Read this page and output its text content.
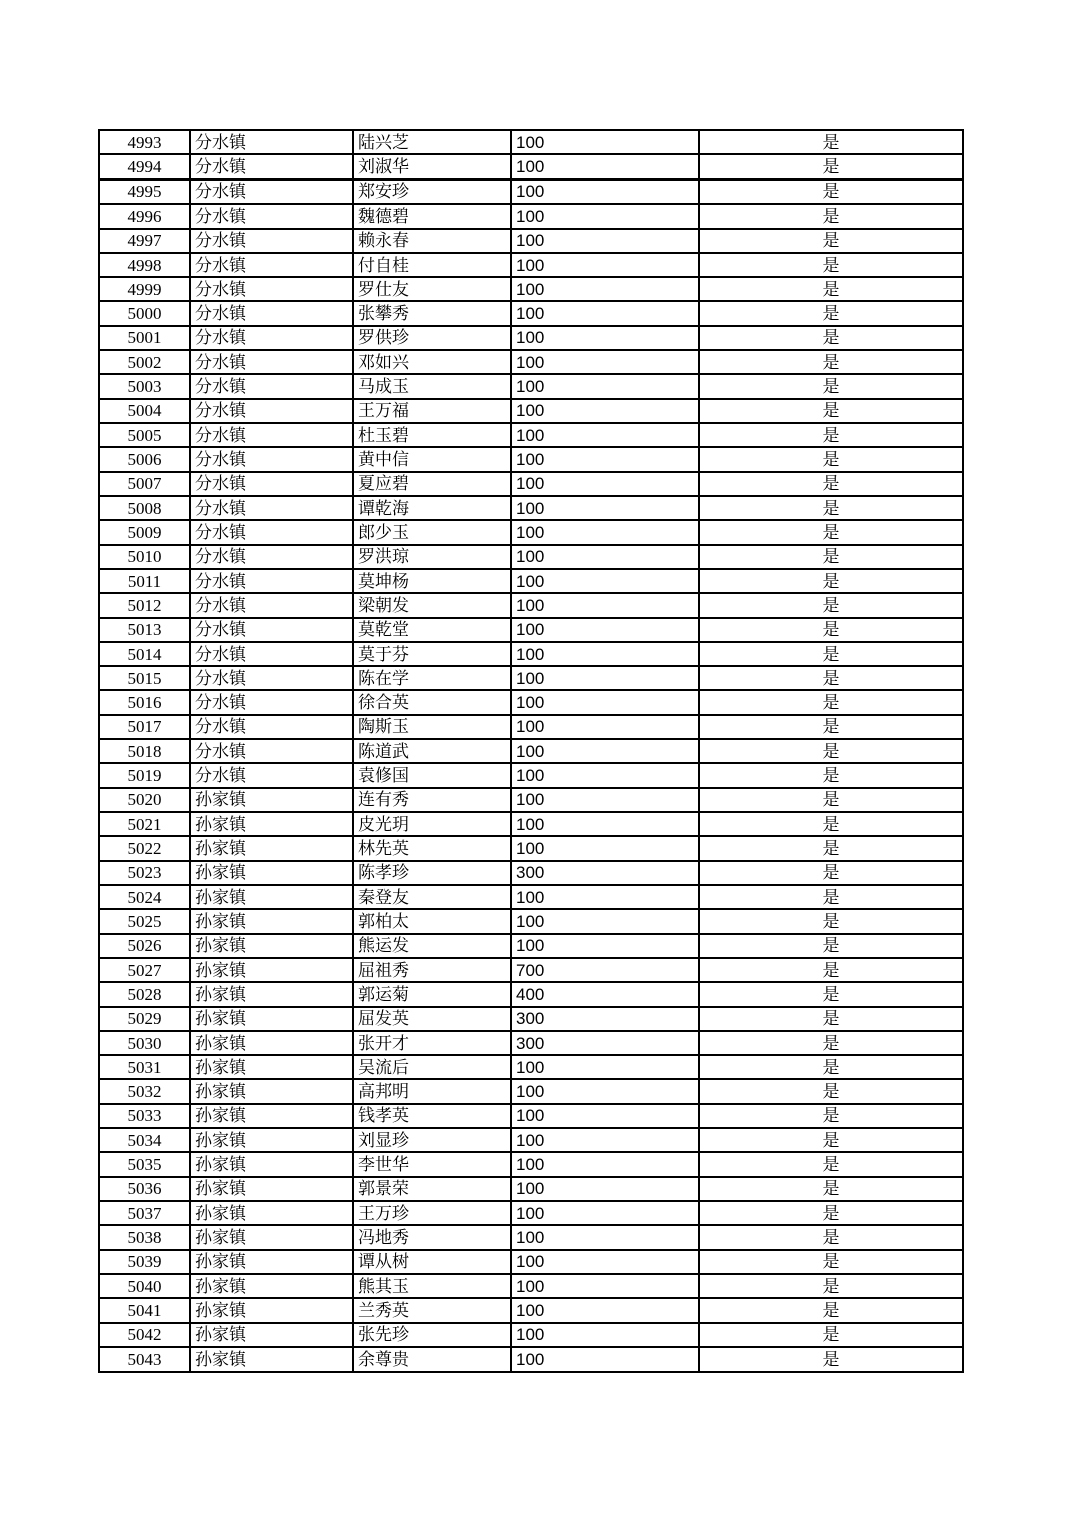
4993	分水镇	陆兴芝	100	是
4994	分水镇	刘淑华	100	是
4995	分水镇	郑安珍	100	是
4996	分水镇	魏德碧	100	是
4997	分水镇	赖永春	100	是
4998	分水镇	付自桂	100	是
4999	分水镇	罗仕友	100	是
5000	分水镇	张攀秀	100	是
5001	分水镇	罗供珍	100	是
5002	分水镇	邓如兴	100	是
5003	分水镇	马成玉	100	是
5004	分水镇	王万福	100	是
5005	分水镇	杜玉碧	100	是
5006	分水镇	黄中信	100	是
5007	分水镇	夏应碧	100	是
5008	分水镇	谭乾海	100	是
5009	分水镇	郎少玉	100	是
5010	分水镇	罗洪琼	100	是
5011	分水镇	莫坤杨	100	是
5012	分水镇	梁朝发	100	是
5013	分水镇	莫乾堂	100	是
5014	分水镇	莫于芬	100	是
5015	分水镇	陈在学	100	是
5016	分水镇	徐合英	100	是
5017	分水镇	陶斯玉	100	是
5018	分水镇	陈道武	100	是
5019	分水镇	袁修国	100	是
5020	孙家镇	连有秀	100	是
5021	孙家镇	皮光玥	100	是
5022	孙家镇	林先英	100	是
5023	孙家镇	陈孝珍	300	是
5024	孙家镇	秦登友	100	是
5025	孙家镇	郭柏太	100	是
5026	孙家镇	熊运发	100	是
5027	孙家镇	屈祖秀	700	是
5028	孙家镇	郭运菊	400	是
5029	孙家镇	屈发英	300	是
5030	孙家镇	张开才	300	是
5031	孙家镇	吴流后	100	是
5032	孙家镇	高邦明	100	是
5033	孙家镇	钱孝英	100	是
5034	孙家镇	刘显珍	100	是
5035	孙家镇	李世华	100	是
5036	孙家镇	郭景荣	100	是
5037	孙家镇	王万珍	100	是
5038	孙家镇	冯地秀	100	是
5039	孙家镇	谭从树	100	是
5040	孙家镇	熊其玉	100	是
5041	孙家镇	兰秀英	100	是
5042	孙家镇	张先珍	100	是
5043	孙家镇	余尊贵	100	是
